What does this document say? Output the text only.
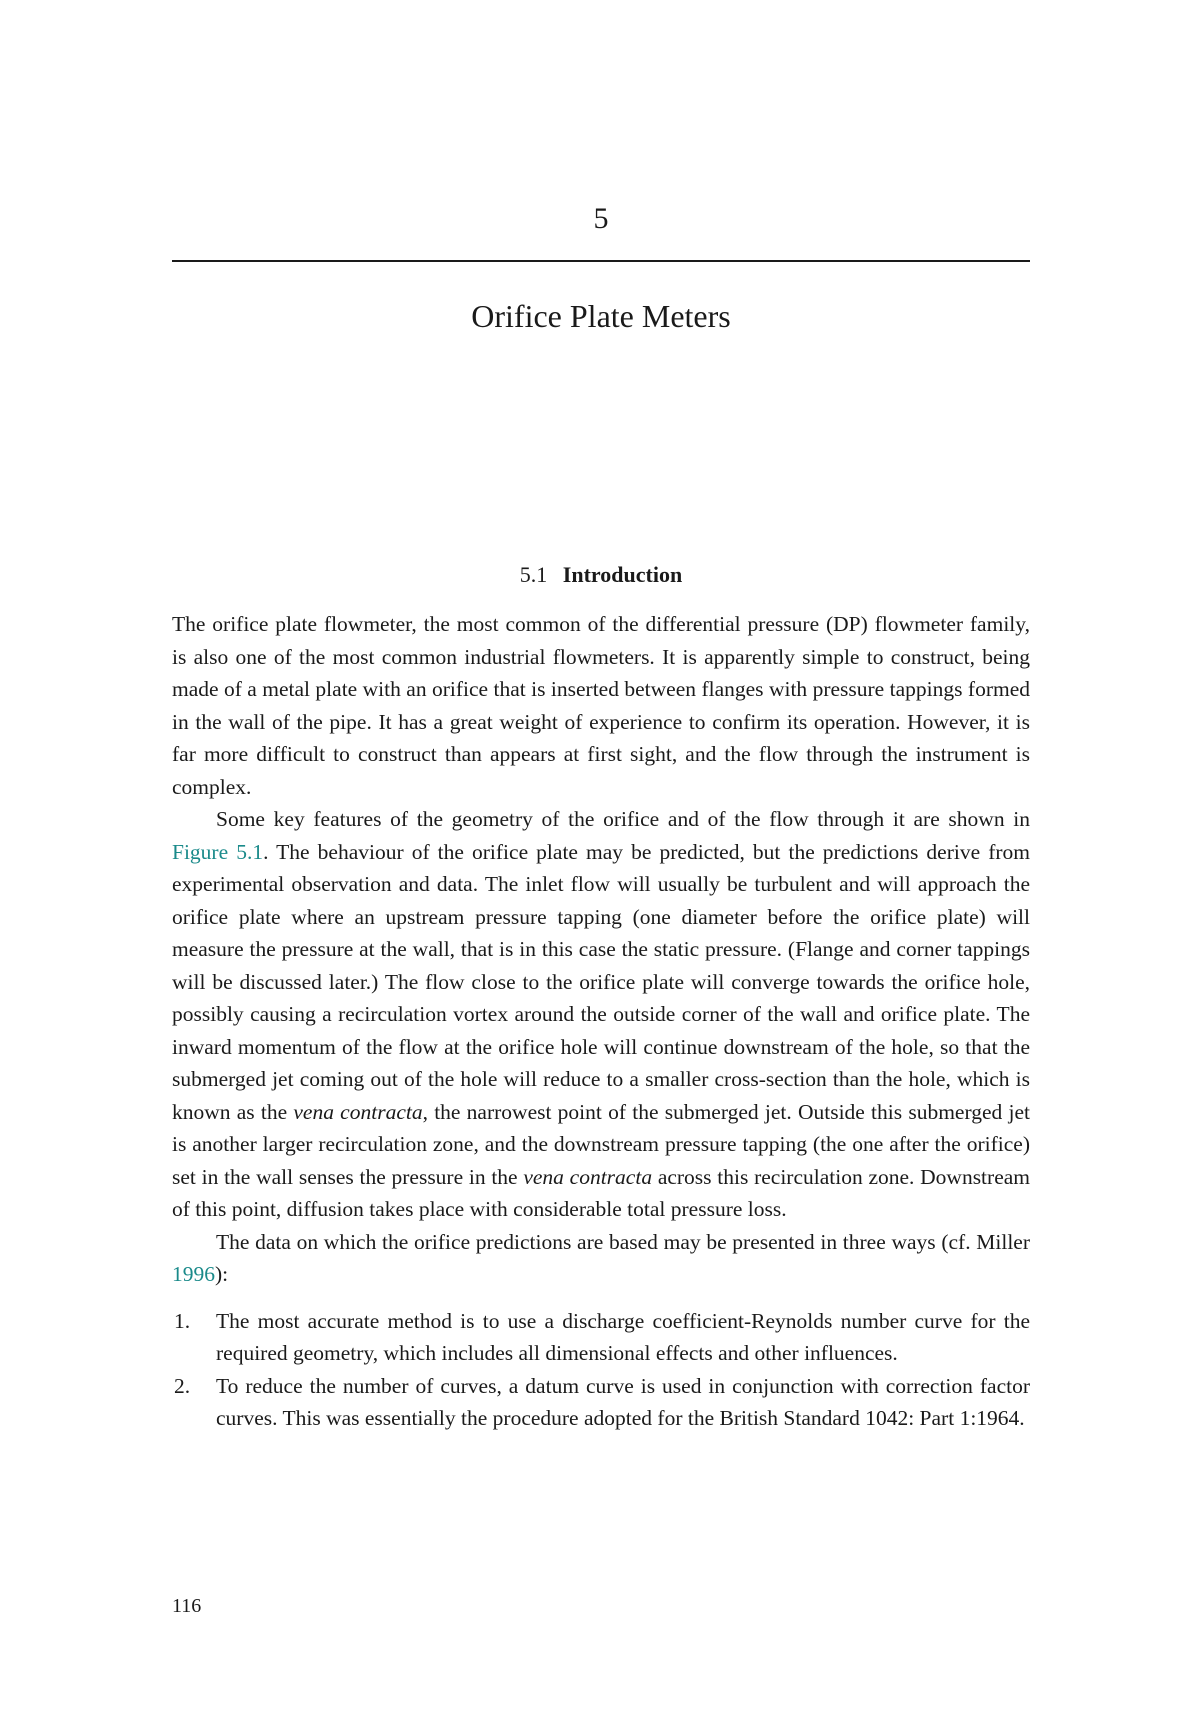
5
Orifice Plate Meters
5.1 Introduction

The orifice plate flowmeter, the most common of the differential pressure (DP) flowmeter family, is also one of the most common industrial flowmeters. It is apparently simple to construct, being made of a metal plate with an orifice that is inserted between flanges with pressure tappings formed in the wall of the pipe. It has a great weight of experience to confirm its operation. However, it is far more difficult to construct than appears at first sight, and the flow through the instrument is complex.

Some key features of the geometry of the orifice and of the flow through it are shown in Figure 5.1. The behaviour of the orifice plate may be predicted, but the predictions derive from experimental observation and data. The inlet flow will usually be turbulent and will approach the orifice plate where an upstream pressure tapping (one diameter before the orifice plate) will measure the pressure at the wall, that is in this case the static pressure. (Flange and corner tappings will be discussed later.) The flow close to the orifice plate will converge towards the orifice hole, possibly causing a recirculation vortex around the outside corner of the wall and orifice plate. The inward momentum of the flow at the orifice hole will continue downstream of the hole, so that the submerged jet coming out of the hole will reduce to a smaller cross-section than the hole, which is known as the vena contracta, the narrowest point of the submerged jet. Outside this submerged jet is another larger recirculation zone, and the downstream pressure tapping (the one after the orifice) set in the wall senses the pressure in the vena contracta across this recirculation zone. Downstream of this point, diffusion takes place with considerable total pressure loss.

The data on which the orifice predictions are based may be presented in three ways (cf. Miller 1996):

1. The most accurate method is to use a discharge coefficient-Reynolds number curve for the required geometry, which includes all dimensional effects and other influences.
2. To reduce the number of curves, a datum curve is used in conjunction with correction factor curves. This was essentially the procedure adopted for the British Standard 1042: Part 1:1964.
116
